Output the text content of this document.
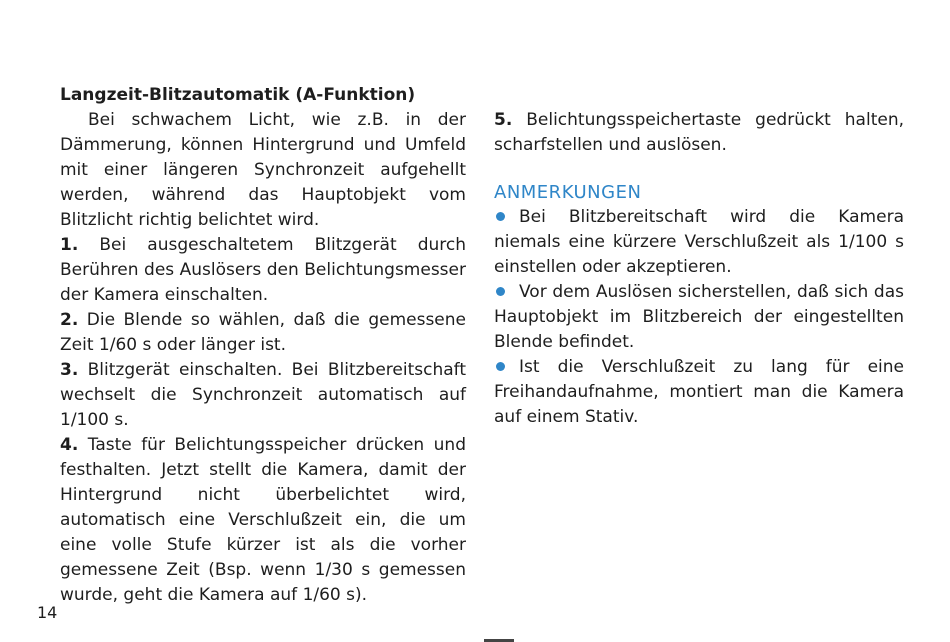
Langzeit-Blitzautomatik (A-Funktion)

Bei schwachem Licht, wie z.B. in der Dämmerung, können Hintergrund und Umfeld mit einer längeren Synchronzeit aufgehellt werden, während das Hauptobjekt vom Blitzlicht richtig belichtet wird.

1. Bei ausgeschaltetem Blitzgerät durch Berühren des Auslösers den Belichtungsmesser der Kamera einschalten.

2. Die Blende so wählen, daß die gemessene Zeit 1/60 s oder länger ist.

3. Blitzgerät einschalten. Bei Blitzbereitschaft wechselt die Synchronzeit automatisch auf 1/100 s.

4. Taste für Belichtungsspeicher drücken und festhalten. Jetzt stellt die Kamera, damit der Hintergrund nicht überbelichtet wird, automatisch eine Verschlußzeit ein, die um eine volle Stufe kürzer ist als die vorher gemessene Zeit (Bsp. wenn 1/30 s gemessen wurde, geht die Kamera auf 1/60 s).

5. Belichtungsspeichertaste gedrückt halten, scharfstellen und auslösen.

ANMERKUNGEN

Bei Blitzbereitschaft wird die Kamera niemals eine kürzere Verschlußzeit als 1/100 s einstellen oder akzeptieren.

Vor dem Auslösen sicherstellen, daß sich das Hauptobjekt im Blitzbereich der eingestellten Blende befindet.

Ist die Verschlußzeit zu lang für eine Freihandaufnahme, montiert man die Kamera auf einem Stativ.

14
